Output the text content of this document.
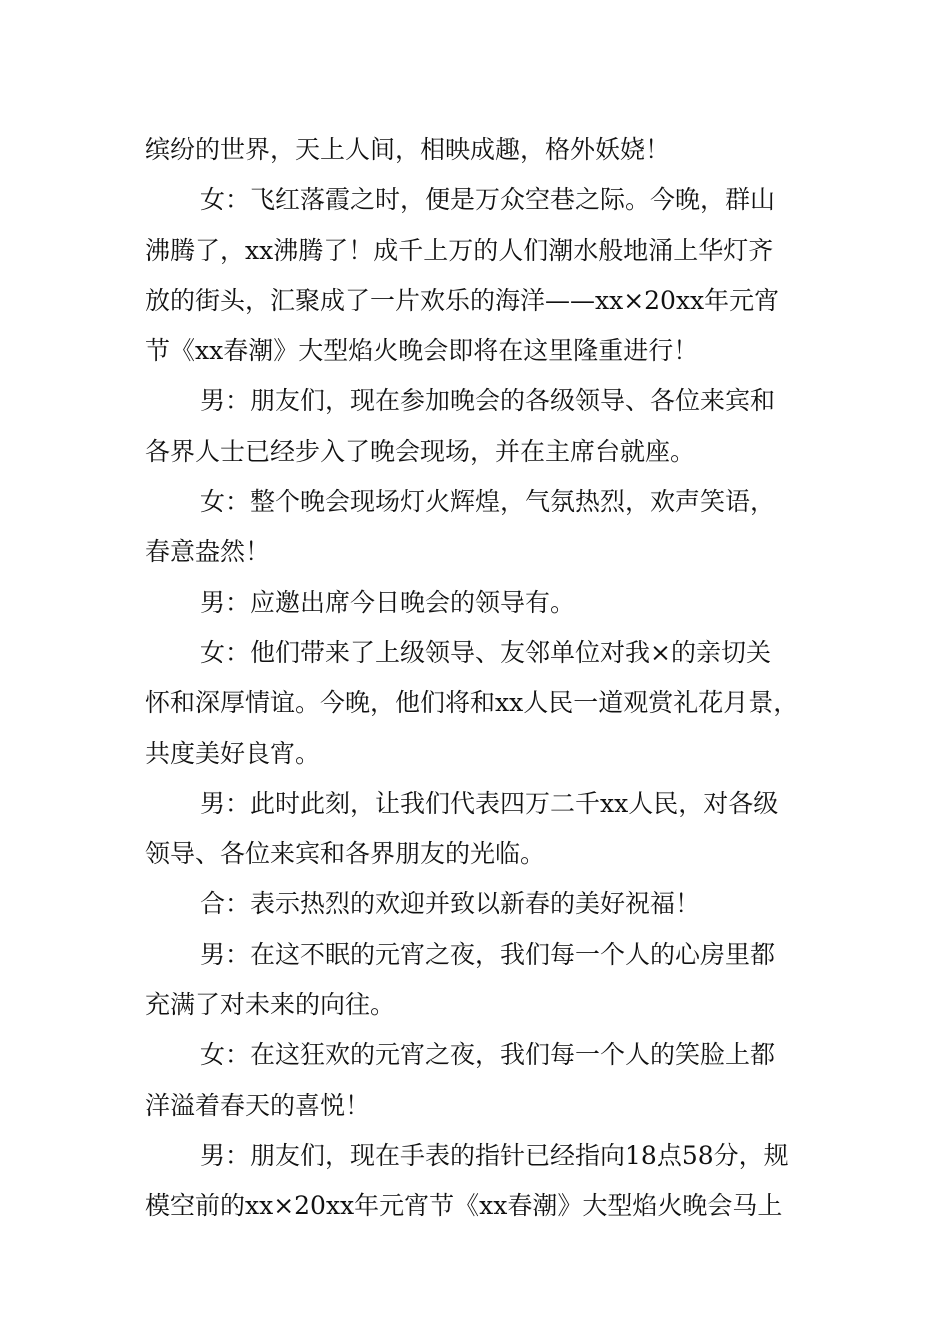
缤纷的世界，天上人间，相映成趣，格外妖娆！
女：飞红落霞之时，便是万众空巷之际。今晚，群山
沸腾了，xx沸腾了！成千上万的人们潮水般地涌上华灯齐
放的街头，汇聚成了一片欢乐的海洋——xx×20xx年元宵
节《xx春潮》大型焰火晚会即将在这里隆重进行！
男：朋友们，现在参加晚会的各级领导、各位来宾和
各界人士已经步入了晚会现场，并在主席台就座。
女：整个晚会现场灯火辉煌，气氛热烈，欢声笑语，
春意盎然！
男：应邀出席今日晚会的领导有。
女：他们带来了上级领导、友邻单位对我×的亲切关
怀和深厚情谊。今晚，他们将和xx人民一道观赏礼花月景，
共度美好良宵。
男：此时此刻，让我们代表四万二千xx人民，对各级
领导、各位来宾和各界朋友的光临。
合：表示热烈的欢迎并致以新春的美好祝福！
男：在这不眠的元宵之夜，我们每一个人的心房里都
充满了对未来的向往。
女：在这狂欢的元宵之夜，我们每一个人的笑脸上都
洋溢着春天的喜悦！
男：朋友们，现在手表的指针已经指向18点58分，规
模空前的xx×20xx年元宵节《xx春潮》大型焰火晚会马上
